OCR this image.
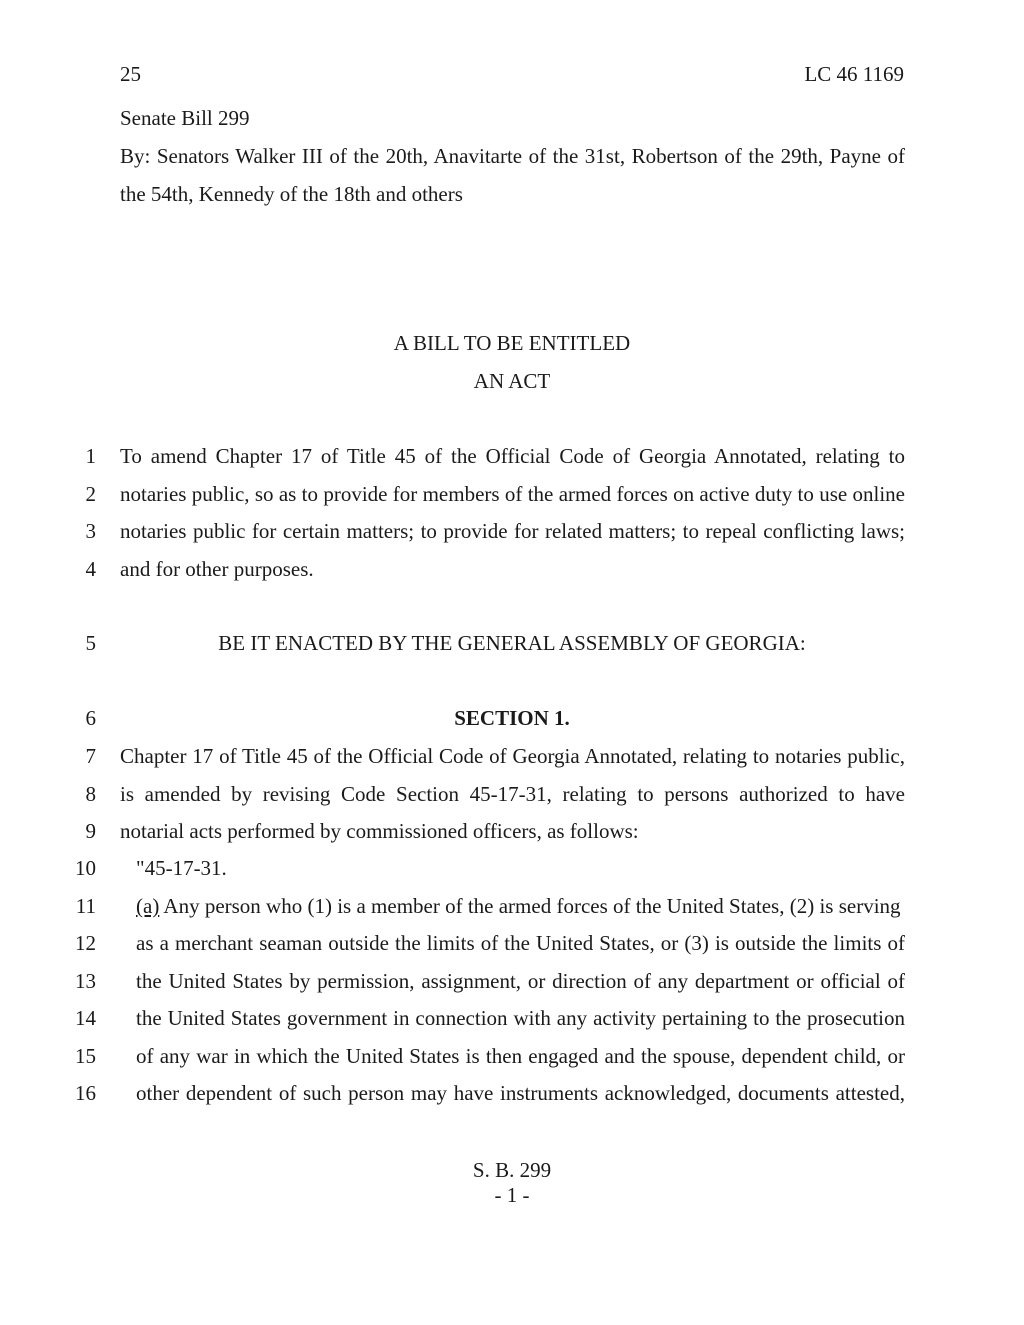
25	LC 46 1169
Senate Bill 299
By: Senators Walker III of the 20th, Anavitarte of the 31st, Robertson of the 29th, Payne of
the 54th, Kennedy of the 18th and others
A BILL TO BE ENTITLED
AN ACT
1 To amend Chapter 17 of Title 45 of the Official Code of Georgia Annotated, relating to
2 notaries public, so as to provide for members of the armed forces on active duty to use online
3 notaries public for certain matters; to provide for related matters; to repeal conflicting laws;
4 and for other purposes.
5	BE IT ENACTED BY THE GENERAL ASSEMBLY OF GEORGIA:
6	SECTION 1.
7 Chapter 17 of Title 45 of the Official Code of Georgia Annotated, relating to notaries public,
8 is amended by revising Code Section 45-17-31, relating to persons authorized to have
9 notarial acts performed by commissioned officers, as follows:
10 "45-17-31.
11 (a) Any person who (1) is a member of the armed forces of the United States, (2) is serving
12 as a merchant seaman outside the limits of the United States, or (3) is outside the limits of
13 the United States by permission, assignment, or direction of any department or official of
14 the United States government in connection with any activity pertaining to the prosecution
15 of any war in which the United States is then engaged and the spouse, dependent child, or
16 other dependent of such person may have instruments acknowledged, documents attested,
S. B. 299
- 1 -
